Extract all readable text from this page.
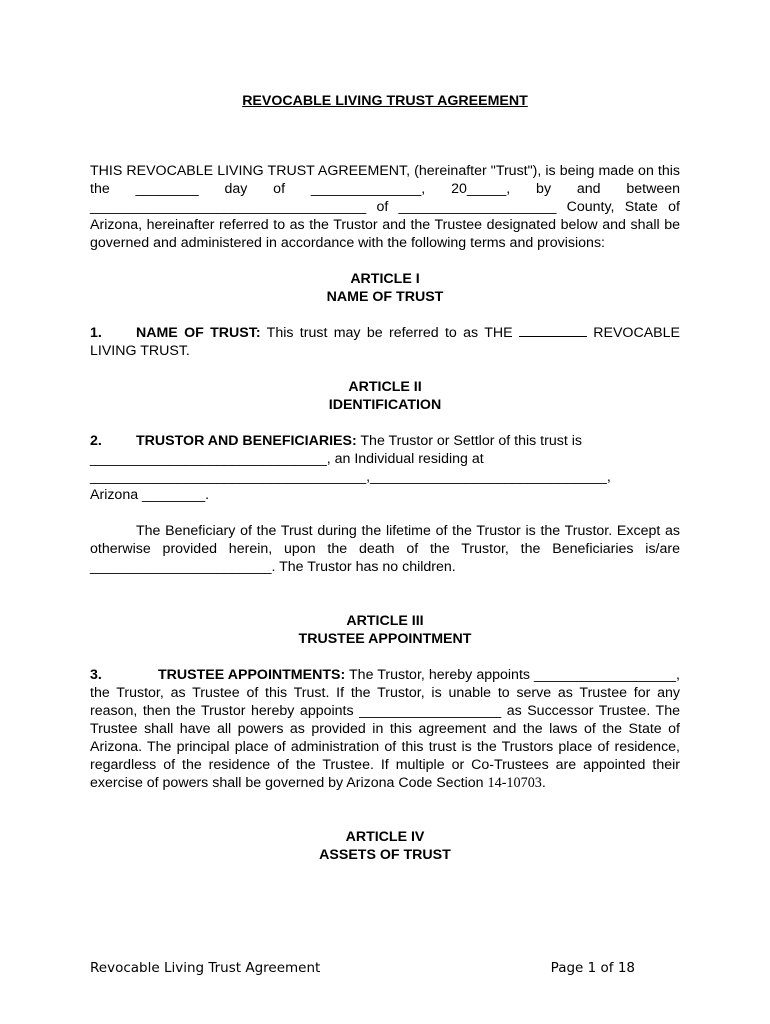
REVOCABLE LIVING TRUST AGREEMENT

THIS REVOCABLE LIVING TRUST AGREEMENT, (hereinafter "Trust"), is being made on this the ________ day of ______________, 20_____, by and between ___________________________________ of ____________________ County, State of Arizona, hereinafter referred to as the Trustor and the Trustee designated below and shall be governed and administered in accordance with the following terms and provisions:

ARTICLE I
NAME OF TRUST

1. NAME OF TRUST: This trust may be referred to as THE	REVOCABLE LIVING TRUST.

ARTICLE II
IDENTIFICATION

2. TRUSTOR AND BENEFICIARIES: The Trustor or Settlor of this trust is

______________________________, an Individual residing at

___________________________________,______________________________,

Arizona ________.

The Beneficiary of the Trust during the lifetime of the Trustor is the Trustor. Except as otherwise provided herein, upon the death of the Trustor, the Beneficiaries is/are _______________________. The Trustor has no children.

ARTICLE III
TRUSTEE APPOINTMENT

3.	TRUSTEE APPOINTMENTS: The Trustor, hereby appoints __________________, the Trustor, as Trustee of this Trust. If the Trustor, is unable to serve as Trustee for any reason, then the Trustor hereby appoints __________________ as Successor Trustee. The Trustee shall have all powers as provided in this agreement and the laws of the State of Arizona. The principal place of administration of this trust is the Trustors place of residence, regardless of the residence of the Trustee. If multiple or Co-Trustees are appointed their exercise of powers shall be governed by Arizona Code Section 14-10703.

ARTICLE IV
ASSETS OF TRUST
Revocable Living Trust Agreement	Page 1 of 18
